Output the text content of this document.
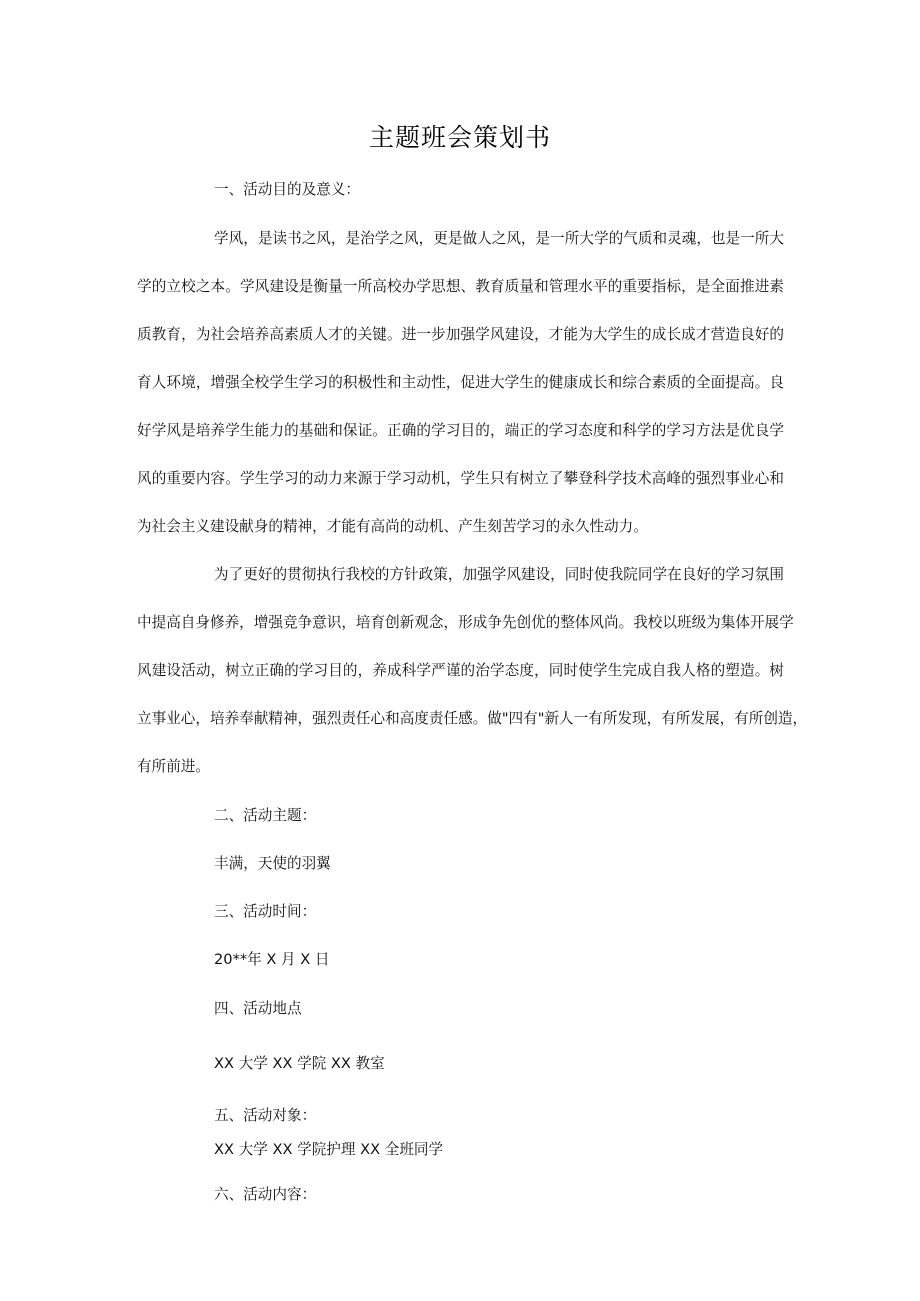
主题班会策划书
一、活动目的及意义：
学风，是读书之风，是治学之风，更是做人之风，是一所大学的气质和灵魂，也是一所大
学的立校之本。学风建设是衡量一所高校办学思想、教育质量和管理水平的重要指标，是全面推进素
质教育，为社会培养高素质人才的关键。进一步加强学风建设，才能为大学生的成长成才营造良好的
育人环境，增强全校学生学习的积极性和主动性，促进大学生的健康成长和综合素质的全面提高。良
好学风是培养学生能力的基础和保证。正确的学习目的，端正的学习态度和科学的学习方法是优良学
风的重要内容。学生学习的动力来源于学习动机，学生只有树立了攀登科学技术高峰的强烈事业心和
为社会主义建设献身的精神，才能有高尚的动机、产生刻苦学习的永久性动力。
为了更好的贯彻执行我校的方针政策，加强学风建设，同时使我院同学在良好的学习氛围
中提高自身修养，增强竞争意识，培育创新观念，形成争先创优的整体风尚。我校以班级为集体开展学
风建设活动，树立正确的学习目的，养成科学严谨的治学态度，同时使学生完成自我人格的塑造。树
立事业心，培养奉献精神，强烈责任心和高度责任感。做"四有"新人一有所发现，有所发展，有所创造，
有所前进。
二、活动主题：
丰满，天使的羽翼
三、活动时间：
20**年 X 月 X 日
四、活动地点
XX 大学 XX 学院 XX 教室
五、活动对象：
XX 大学 XX 学院护理 XX 全班同学
六、活动内容：
